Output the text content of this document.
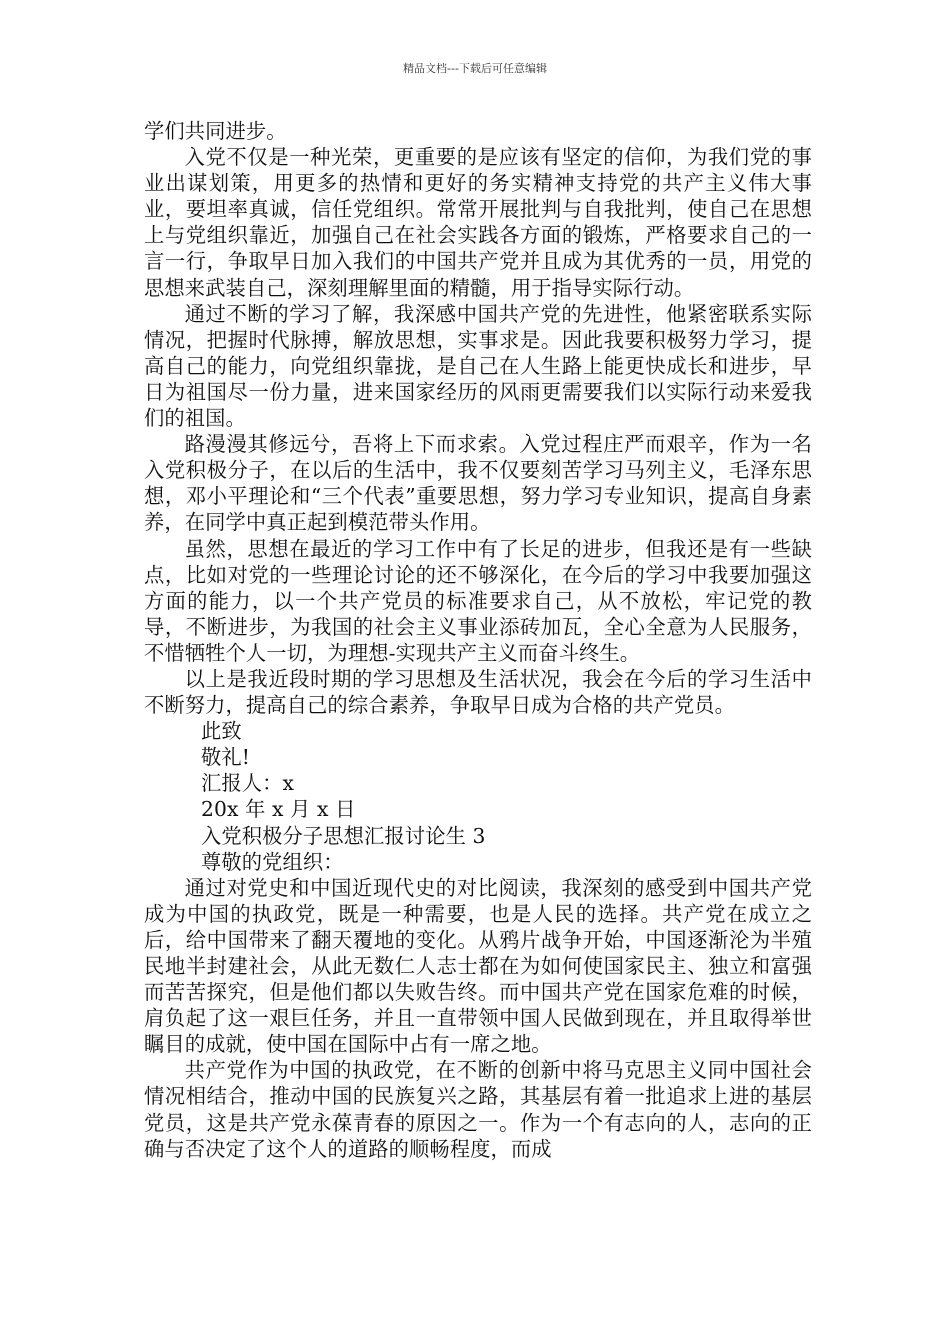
精品文档---下载后可任意编辑

学们共同进步。

入党不仅是一种光荣，更重要的是应该有坚定的信仰，为我们党的事业出谋划策，用更多的热情和更好的务实精神支持党的共产主义伟大事业，要坦率真诚，信任党组织。常常开展批判与自我批判，使自己在思想上与党组织靠近，加强自己在社会实践各方面的锻炼，严格要求自己的一言一行，争取早日加入我们的中国共产党并且成为其优秀的一员，用党的思想来武装自己，深刻理解里面的精髓，用于指导实际行动。

通过不断的学习了解，我深感中国共产党的先进性，他紧密联系实际情况，把握时代脉搏，解放思想，实事求是。因此我要积极努力学习，提高自己的能力，向党组织靠拢，是自己在人生路上能更快成长和进步，早日为祖国尽一份力量，进来国家经历的风雨更需要我们以实际行动来爱我们的祖国。

路漫漫其修远兮，吾将上下而求索。入党过程庄严而艰辛，作为一名入党积极分子，在以后的生活中，我不仅要刻苦学习马列主义，毛泽东思想，邓小平理论和“三个代表”重要思想，努力学习专业知识，提高自身素养，在同学中真正起到模范带头作用。

虽然，思想在最近的学习工作中有了长足的进步，但我还是有一些缺点，比如对党的一些理论讨论的还不够深化，在今后的学习中我要加强这方面的能力，以一个共产党员的标准要求自己，从不放松，牢记党的教导，不断进步，为我国的社会主义事业添砖加瓦，全心全意为人民服务，不惜牺牲个人一切，为理想-实现共产主义而奋斗终生。

以上是我近段时期的学习思想及生活状况，我会在今后的学习生活中不断努力，提高自己的综合素养，争取早日成为合格的共产党员。

此致

敬礼!

汇报人：x

20x 年 x 月 x 日

入党积极分子思想汇报讨论生 3

尊敬的党组织：

通过对党史和中国近现代史的对比阅读，我深刻的感受到中国共产党成为中国的执政党，既是一种需要，也是人民的选择。共产党在成立之后，给中国带来了翻天覆地的变化。从鸦片战争开始，中国逐渐沦为半殖民地半封建社会，从此无数仁人志士都在为如何使国家民主、独立和富强而苦苦探究，但是他们都以失败告终。而中国共产党在国家危难的时候，肩负起了这一艰巨任务，并且一直带领中国人民做到现在，并且取得举世瞩目的成就，使中国在国际中占有一席之地。

共产党作为中国的执政党，在不断的创新中将马克思主义同中国社会情况相结合，推动中国的民族复兴之路，其基层有着一批追求上进的基层党员，这是共产党永葆青春的原因之一。作为一个有志向的人，志向的正确与否决定了这个人的道路的顺畅程度，而成
